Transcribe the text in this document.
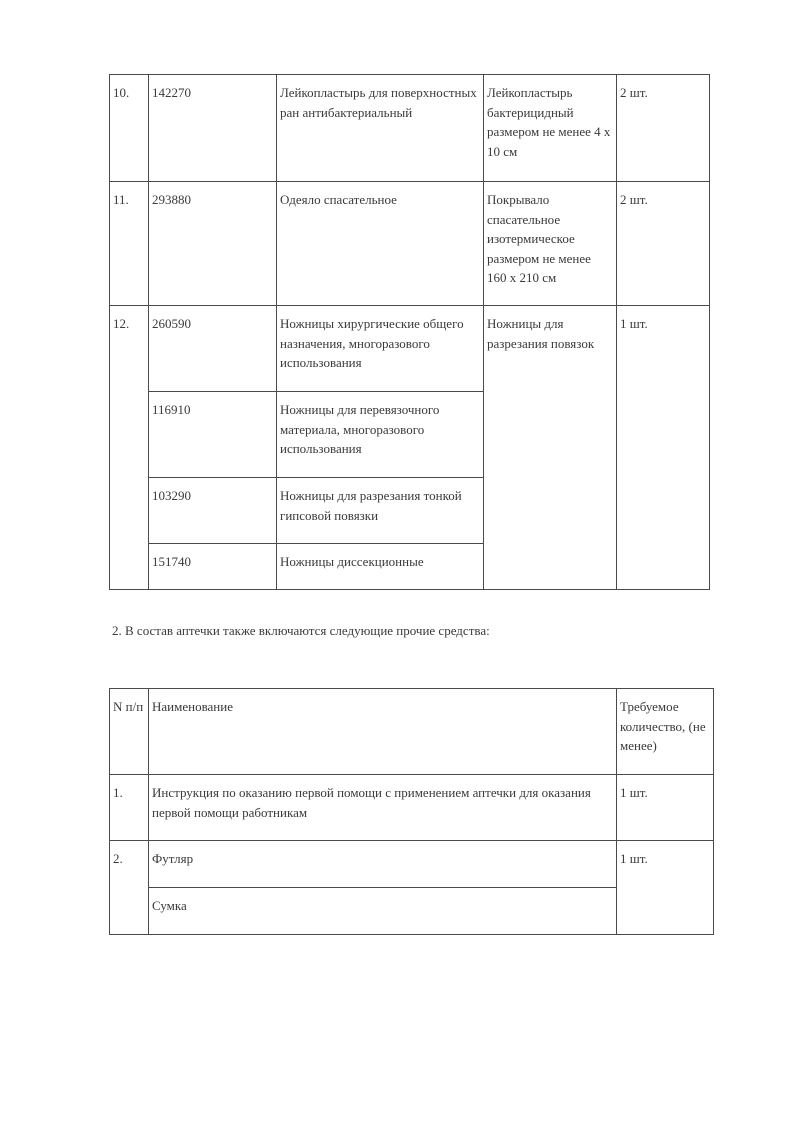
10.	142270	Лейкопластырь для поверхностных ран антибактериальный	Лейкопластырь бактерицидный размером не менее 4 х 10 см	2 шт.
11.	293880	Одеяло спасательное	Покрывало спасательное изотермическое размером не менее 160 х 210 см	2 шт.
12.	260590	Ножницы хирургические общего назначения, многоразового использования	Ножницы для разрезания повязок	1 шт.
	116910	Ножницы для перевязочного материала, многоразового использования		
	103290	Ножницы для разрезания тонкой гипсовой повязки		
	151740	Ножницы диссекционные		
2. В состав аптечки также включаются следующие прочие средства:
N п/п	Наименование	Требуемое количество, (не менее)
1.	Инструкция по оказанию первой помощи с применением аптечки для оказания первой помощи работникам	1 шт.
2.	Футляр	1 шт.
	Сумка	
